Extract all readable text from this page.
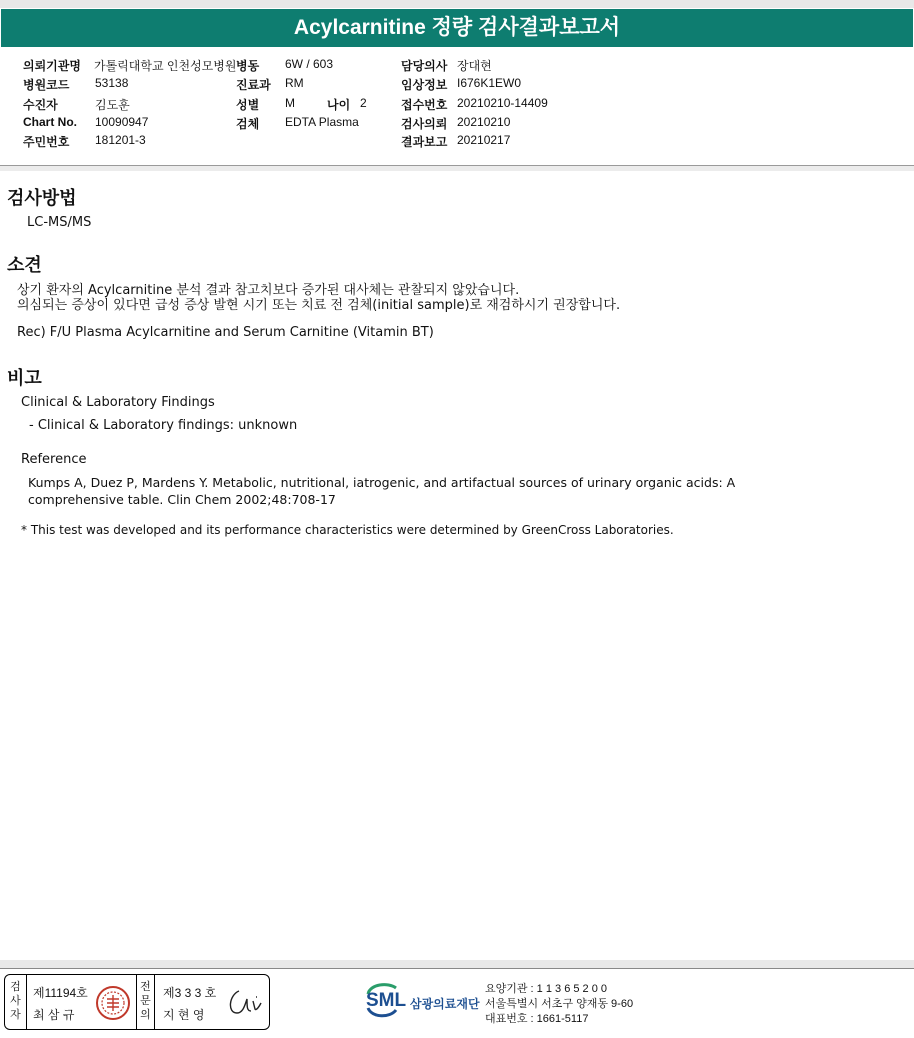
Acylcarnitine 정량 검사결과보고서
의뢰기관명 가톨릭대학교 인천성모병원
병원코드 53138
수진자	김도훈
Chart No. 10090947
주민번호 181201-3
병동 6W / 603
진료과 RM
성별 M	나이 2
검체 EDTA Plasma
담당의사 장대현
임상정보 I676K1EW0
접수번호 20210210-14409
검사의뢰 20210210
결과보고 20210217
검사방법
LC-MS/MS
소견
상기 환자의 Acylcarnitine 분석 결과 참고치보다 증가된 대사체는 관찰되지 않았습니다.
의심되는 증상이 있다면 급성 증상 발현 시기 또는 치료 전 검체(initial sample)로 재검하시기 권장합니다.
Rec) F/U Plasma Acylcarnitine and Serum Carnitine (Vitamin BT)
비고
Clinical & Laboratory Findings
- Clinical & Laboratory findings: unknown
Reference
Kumps A, Duez P, Mardens Y. Metabolic, nutritional, iatrogenic, and artifactual sources of urinary organic acids: A
comprehensive table. Clin Chem 2002;48:708-17
* This test was developed and its performance characteristics were determined by GreenCross Laboratories.
검사자
제11194호
최 삼 규
전문의
제3 3 3 호
지 현 영
SML 삼광의료재단
요양기관 : 1 1 3 6 5 2 0 0
서울특별시 서초구 양재동 9-60
대표번호 : 1661-5117
